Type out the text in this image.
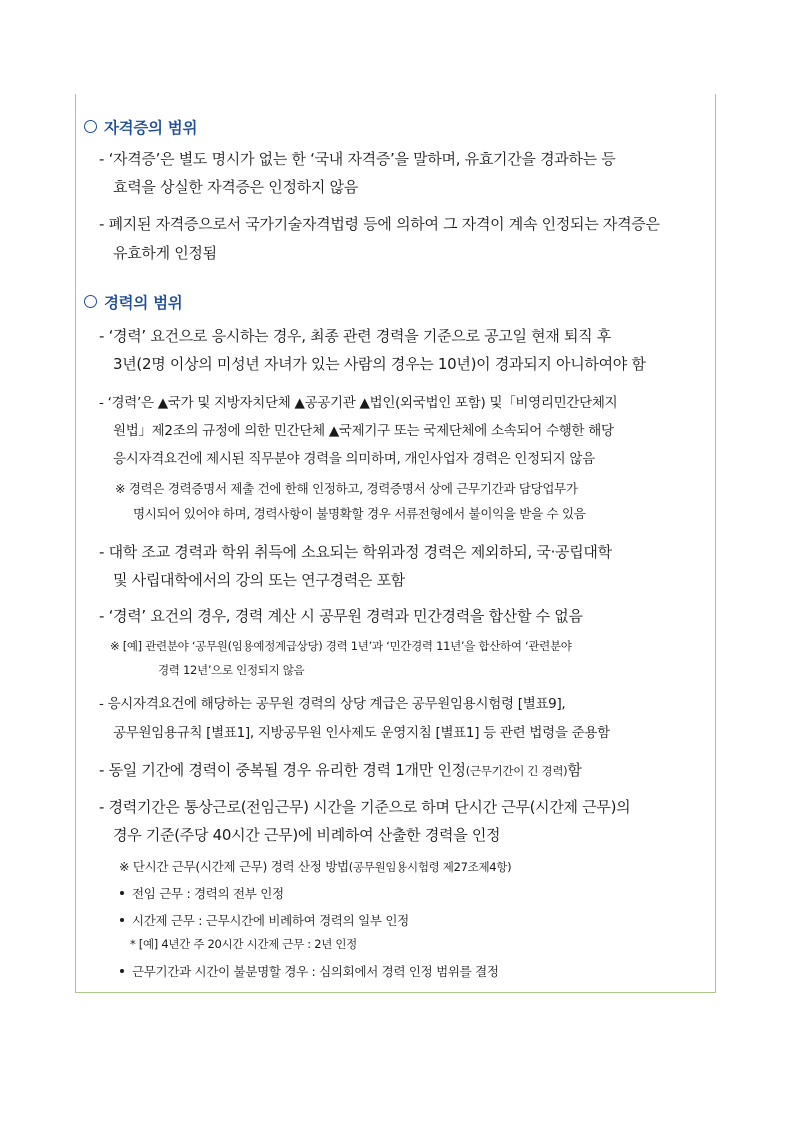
자격증의 범위
- ‘자격증’은 별도 명시가 없는 한 ‘국내 자격증’을 말하며, 유효기간을 경과하는 등
효력을 상실한 자격증은 인정하지 않음
- 폐지된 자격증으로서 국가기술자격법령 등에 의하여 그 자격이 계속 인정되는 자격증은
유효하게 인정됨
경력의 범위
- ‘경력’ 요건으로 응시하는 경우, 최종 관련 경력을 기준으로 공고일 현재 퇴직 후
3년(2명 이상의 미성년 자녀가 있는 사람의 경우는 10년)이 경과되지 아니하여야 함
- ‘경력’은 ▲국가 및 지방자치단체 ▲공공기관 ▲법인(외국법인 포함) 및「비영리민간단체지
원법」제2조의 규정에 의한 민간단체 ▲국제기구 또는 국제단체에 소속되어 수행한 해당
응시자격요건에 제시된 직무분야 경력을 의미하며, 개인사업자 경력은 인정되지 않음
※ 경력은 경력증명서 제출 건에 한해 인정하고, 경력증명서 상에 근무기간과 담당업무가
명시되어 있어야 하며, 경력사항이 불명확할 경우 서류전형에서 불이익을 받을 수 있음
- 대학 조교 경력과 학위 취득에 소요되는 학위과정 경력은 제외하되, 국·공립대학
및 사립대학에서의 강의 또는 연구경력은 포함
- ‘경력’ 요건의 경우, 경력 계산 시 공무원 경력과 민간경력을 합산할 수 없음
※ [예] 관련분야 ‘공무원(임용예정계급상당) 경력 1년’과 ‘민간경력 11년’을 합산하여 ‘관련분야
경력 12년’으로 인정되지 않음
- 응시자격요건에 해당하는 공무원 경력의 상당 계급은 공무원임용시험령 [별표9],
공무원임용규칙 [별표1], 지방공무원 인사제도 운영지침 [별표1] 등 관련 법령을 준용함
- 동일 기간에 경력이 중복될 경우 유리한 경력 1개만 인정(근무기간이 긴 경력)함
- 경력기간은 통상근로(전임근무) 시간을 기준으로 하며 단시간 근무(시간제 근무)의
경우 기준(주당 40시간 근무)에 비례하여 산출한 경력을 인정
※ 단시간 근무(시간제 근무) 경력 산정 방법(공무원임용시험령 제27조제4항)
전임 근무 : 경력의 전부 인정
시간제 근무 : 근무시간에 비례하여 경력의 일부 인정
* [예] 4년간 주 20시간 시간제 근무 : 2년 인정
근무기간과 시간이 불분명할 경우 : 심의회에서 경력 인정 범위를 결정
